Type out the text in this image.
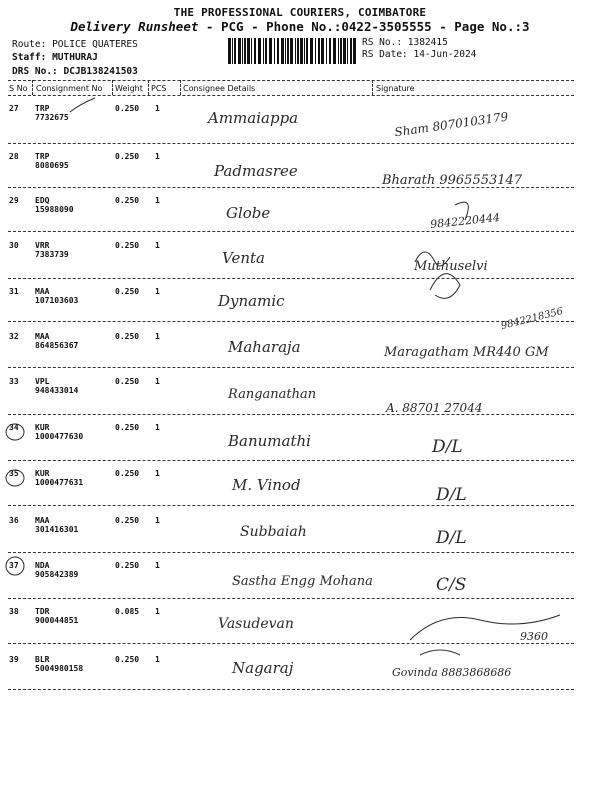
THE PROFESSIONAL COURIERS, COIMBATORE
Delivery Runsheet - PCG - Phone No.:0422-3505555 - Page No.:3
Route: POLICE QUATERES
Staff: MUTHURAJ
DRS No.: DCJB138241503
RS No.: 1382415
RS Date: 14-Jun-2024
S No Consignment No Weight PCS Consignee Details	Signature
27 TRP 7732675
0.250 1
28 TRP 8080695
0.250 1
29 EDQ 15988090
0.250 1
30 VRR 7383739
0.250 1
31 MAA 107103603
0.250 1
32 MAA 864856367
0.250 1
33 VPL 948433014
0.250 1
34 KUR 1000477630
0.250 1
35 KUR 1000477631
0.250 1
36 MAA 301416301
0.250 1
37 NDA 905842389
0.250 1
38 TDR 900044851
0.085 1
39 BLR 5004980158
0.250 1
Ammaiappa
Padmasree
Globe
Venta
Dynamic
Maharaja
Ranganathan
Banumathi
M. Vinod
Subbaiah
Sastha Engg Mohana
Vasudevan
Nagaraj
Sham 8070103179
Bharath 9965553147
9842220444
Muthuselvi
9842218356
Maragatham MR440 GM
A. 88701 27044
D/L
D/L
D/L
C/S
9360
Govinda 8883868686
